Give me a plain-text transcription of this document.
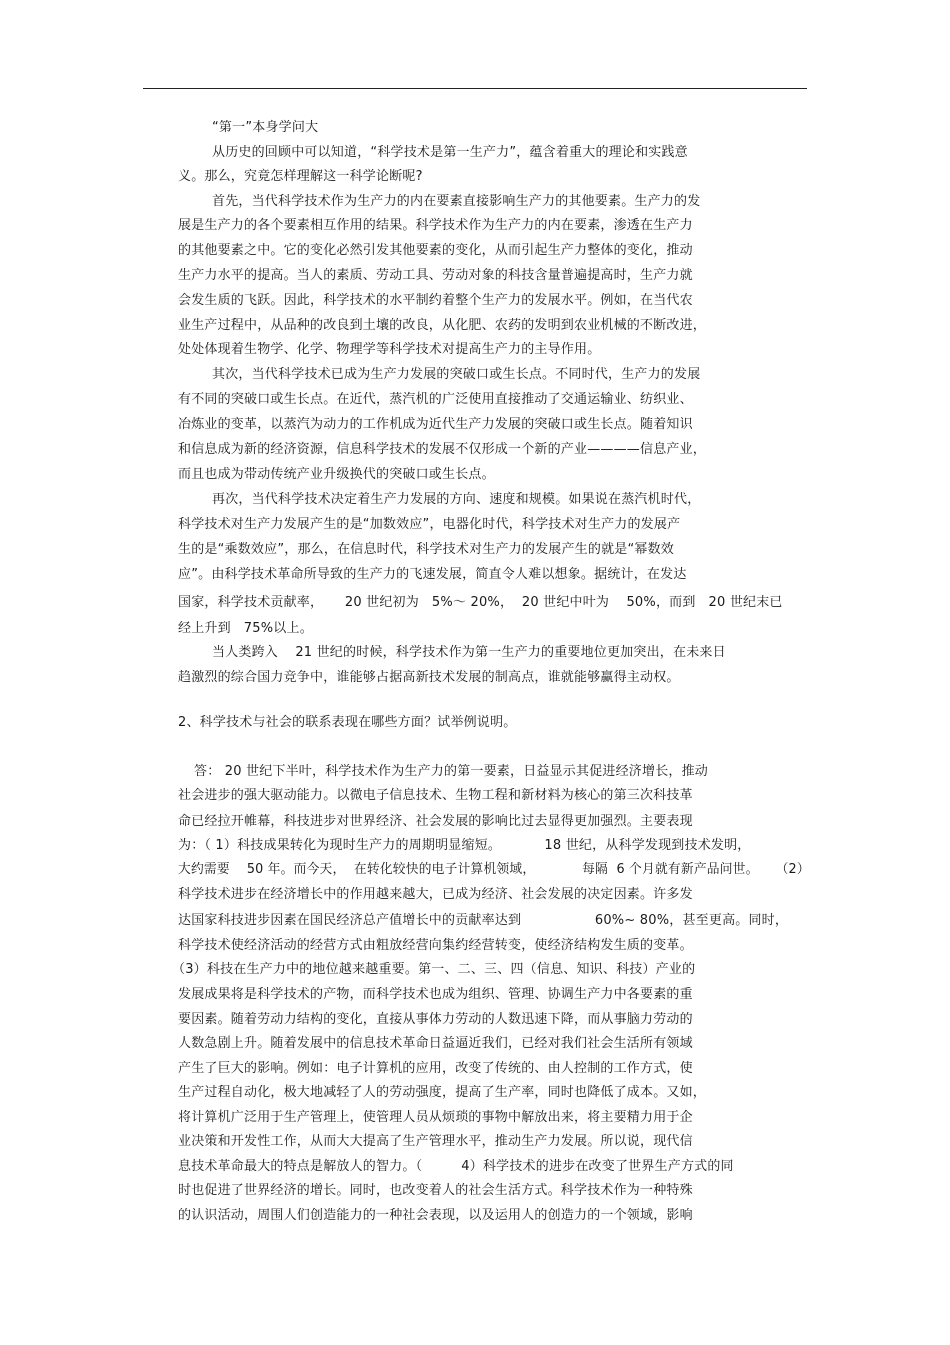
“第一”本身学问大
从历史的回顾中可以知道，“科学技术是第一生产力”，蕴含着重大的理论和实践意
义。那么，究竟怎样理解这一科学论断呢?
首先，当代科学技术作为生产力的内在要素直接影响生产力的其他要素。生产力的发
展是生产力的各个要素相互作用的结果。科学技术作为生产力的内在要素，渗透在生产力
的其他要素之中。它的变化必然引发其他要素的变化，从而引起生产力整体的变化，推动
生产力水平的提高。当人的素质、劳动工具、劳动对象的科技含量普遍提高时，生产力就
会发生质的飞跃。因此，科学技术的水平制约着整个生产力的发展水平。例如，在当代农
业生产过程中，从品种的改良到土壤的改良，从化肥、农药的发明到农业机械的不断改进，
处处体现着生物学、化学、物理学等科学技术对提高生产力的主导作用。
其次，当代科学技术已成为生产力发展的突破口或生长点。不同时代，生产力的发展
有不同的突破口或生长点。在近代，蒸汽机的广泛使用直接推动了交通运输业、纺织业、
冶炼业的变革，以蒸汽为动力的工作机成为近代生产力发展的突破口或生长点。随着知识
和信息成为新的经济资源，信息科学技术的发展不仅形成一个新的产业————信息产业，
而且也成为带动传统产业升级换代的突破口或生长点。
再次，当代科学技术决定着生产力发展的方向、速度和规模。如果说在蒸汽机时代，
科学技术对生产力发展产生的是“加数效应”，电器化时代，科学技术对生产力的发展产
生的是“乘数效应”，那么，在信息时代，科学技术对生产力的发展产生的就是“幂数效
应”。由科学技术革命所导致的生产力的飞速发展，简直令人难以想象。据统计，在发达
国家，科学技术贡献率，     20 世纪初为   5%～ 20%，  20 世纪中叶为    50%，而到   20 世纪末已
经上升到   75%以上。
当人类跨入    21 世纪的时候，科学技术作为第一生产力的重要地位更加突出，在未来日
趋激烈的综合国力竞争中，谁能够占据高新技术发展的制高点，谁就能够赢得主动权。
2、科学技术与社会的联系表现在哪些方面？试举例说明。
答： 20 世纪下半叶，科学技术作为生产力的第一要素，日益显示其促进经济增长，推动
社会进步的强大驱动能力。以微电子信息技术、生物工程和新材料为核心的第三次科技革
命已经拉开帷幕，科技进步对世界经济、社会发展的影响比过去显得更加强烈。主要表现
为：（ 1）科技成果转化为现时生产力的周期明显缩短。          18 世纪，从科学发现到技术发明，
大约需要    50 年。而今天，  在转化较快的电子计算机领域，           每隔  6 个月就有新产品问世。    （2）
科学技术进步在经济增长中的作用越来越大，已成为经济、社会发展的决定因素。许多发
达国家科技进步因素在国民经济总产值增长中的贡献率达到                 60%~ 80%，甚至更高。同时，
科学技术使经济活动的经营方式由粗放经营向集约经营转变，使经济结构发生质的变革。
（3）科技在生产力中的地位越来越重要。第一、二、三、四（信息、知识、科技）产业的
发展成果将是科学技术的产物，而科学技术也成为组织、管理、协调生产力中各要素的重
要因素。随着劳动力结构的变化，直接从事体力劳动的人数迅速下降，而从事脑力劳动的
人数急剧上升。随着发展中的信息技术革命日益逼近我们，已经对我们社会生活所有领域
产生了巨大的影响。例如：电子计算机的应用，改变了传统的、由人控制的工作方式，使
生产过程自动化，极大地减轻了人的劳动强度，提高了生产率，同时也降低了成本。又如，
将计算机广泛用于生产管理上，使管理人员从烦琐的事物中解放出来，将主要精力用于企
业决策和开发性工作，从而大大提高了生产管理水平，推动生产力发展。所以说，现代信
息技术革命最大的特点是解放人的智力。（         4）科学技术的进步在改变了世界生产方式的同
时也促进了世界经济的增长。同时，也改变着人的社会生活方式。科学技术作为一种特殊
的认识活动，周围人们创造能力的一种社会表现，以及运用人的创造力的一个领域，影响
